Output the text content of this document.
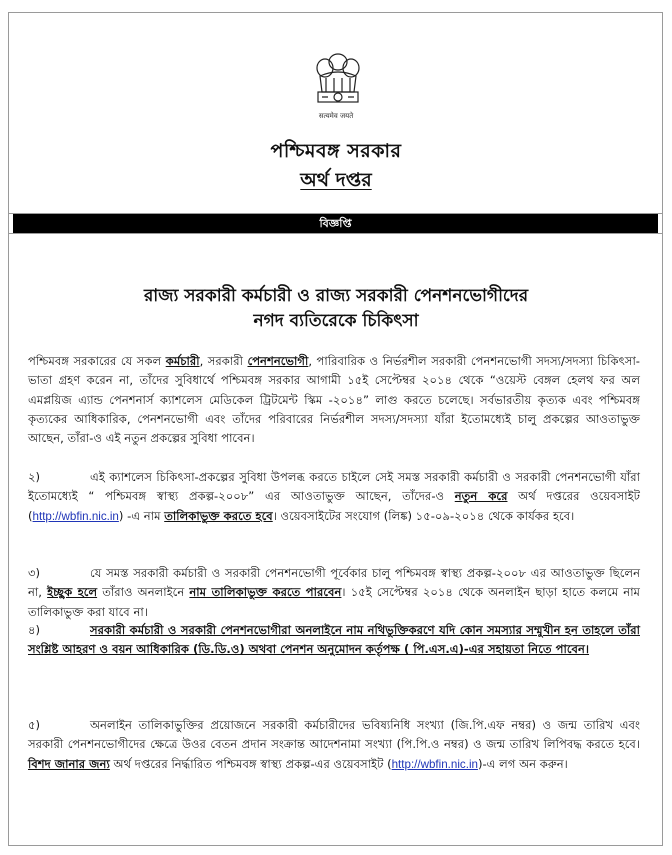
सत्यमेव जयते
পশ্চিমবঙ্গ সরকার
অর্থ দপ্তর
বিজ্ঞপ্তি
রাজ্য সরকারী কর্মচারী ও রাজ্য সরকারী পেনশনভোগীদের
নগদ ব্যতিরেকে চিকিৎসা
পশ্চিমবঙ্গ সরকারের যে সকল কর্মচারী, সরকারী পেনশনভোগী, পারিবারিক ও নির্ভরশীল সরকারী পেনশনভোগী সদস্য/সদস্যা চিকিৎসা-ভাতা গ্রহণ করেন না, তাঁদের সুবিধার্থে পশ্চিমবঙ্গ সরকার আগামী ১৫ই সেপ্টেম্বর ২০১৪ থেকে “ওয়েস্ট বেঙ্গল হেলথ ফর অল এমপ্লয়িজ এ্যান্ড পেনশনার্স ক্যাশলেস মেডিকেল ট্রিটমেন্ট স্কিম -২০১৪” লাগু করতে চলেছে। সর্বভারতীয় কৃত্যক এবং পশ্চিমবঙ্গ কৃত্যকের আধিকারিক, পেনশনভোগী এবং তাঁদের পরিবারের নির্ভরশীল সদস্য/সদস্যা যাঁরা ইতোমধ্যেই চালু প্রকল্পের আওতাভুক্ত আছেন, তাঁরা-ও এই নতুন প্রকল্পের সুবিধা পাবেন।
২)	এই ক্যাশলেস চিকিৎসা-প্রকল্পের সুবিধা উপলব্ধ করতে চাইলে সেই সমস্ত সরকারী কর্মচারী ও সরকারী পেনশনভোগী যাঁরা ইতোমধ্যেই “ পশ্চিমবঙ্গ স্বাস্থ্য প্রকল্প-২০০৮” এর আওতাভুক্ত আছেন, তাঁদের-ও নতুন করে অর্থ দপ্তরের ওয়েবসাইট (http://wbfin.nic.in) -এ নাম তালিকাভুক্ত করতে হবে। ওয়েবসাইটের সংযোগ (লিঙ্ক) ১৫-০৯-২০১৪ থেকে কার্যকর হবে।
৩)	যে সমস্ত সরকারী কর্মচারী ও সরকারী পেনশনভোগী পূর্বেকার চালু পশ্চিমবঙ্গ স্বাস্থ্য প্রকল্প-২০০৮ এর আওতাভুক্ত ছিলেন না, ইচ্ছুক হলে তাঁরাও অনলাইনে নাম তালিকাভুক্ত করতে পারবেন। ১৫ই সেপ্টেম্বর ২০১৪ থেকে অনলাইন ছাড়া হাতে কলমে নাম তালিকাভুক্ত করা যাবে না।
৪)	সরকারী কর্মচারী ও সরকারী পেনশনভোগীরা অনলাইনে নাম নথিভুক্তিকরণে যদি কোন সমস্যার সম্মুখীন হন তাহলে তাঁরা সংশ্লিষ্ট আহরণ ও বয়ন আধিকারিক (ডি.ডি.ও) অথবা পেনশন অনুমোদন কর্তৃপক্ষ ( পি.এস.এ)-এর সহায়তা নিতে পাবেন।
৫)	অনলাইন তালিকাভুক্তির প্রয়োজনে সরকারী কর্মচারীদের ভবিষ্যনিধি সংখ্যা (জি.পি.এফ নম্বর) ও জন্ম তারিখ এবং সরকারী পেনশনভোগীদের ক্ষেত্রে উওর বেতন প্রদান সংক্রান্ত আদেশনামা সংখ্যা (পি.পি.ও নম্বর) ও জন্ম তারিখ লিপিবদ্ধ করতে হবে। বিশদ জানার জন্য অর্থ দপ্তরের নির্দ্ধারিত পশ্চিমবঙ্গ স্বাস্থ্য প্রকল্প-এর ওয়েবসাইট (http://wbfin.nic.in)-এ লগ অন করুন।
